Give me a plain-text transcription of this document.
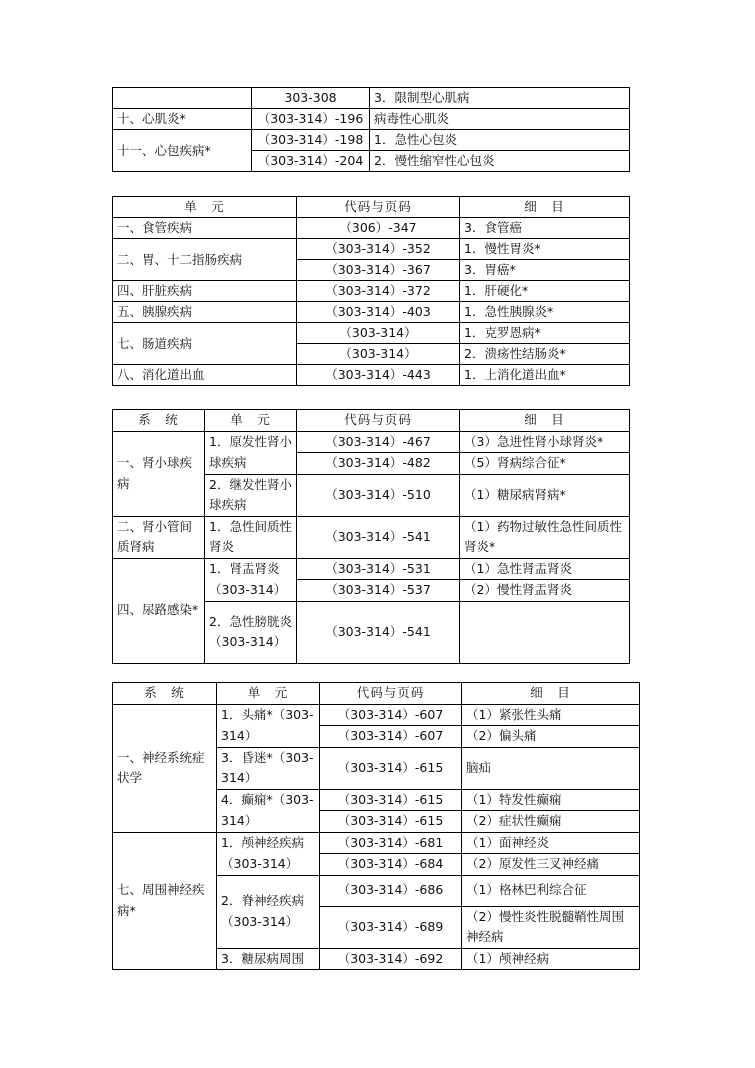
	303-308	3．限制型心肌病
十、心肌炎*	（303-314）-196	病毒性心肌炎
十一、心包疾病*	（303-314）-198	1．急性心包炎
	（303-314）-204	2．慢性缩窄性心包炎
单　元	代码与页码	细　目
一、食管疾病	（306）-347	3．食管癌
二、胃、十二指肠疾病	（303-314）-352	1．慢性胃炎*
	（303-314）-367	3．胃癌*
四、肝脏疾病	（303-314）-372	1．肝硬化*
五、胰腺疾病	（303-314）-403	1．急性胰腺炎*
七、肠道疾病	（303-314）	1．克罗恩病*
	（303-314）	2．溃疡性结肠炎*
八、消化道出血	（303-314）-443	1．上消化道出血*
系　统	单　元	代码与页码	细　目
一、肾小球疾病	1．原发性肾小球疾病	（303-314）-467	（3）急进性肾小球肾炎*
		（303-314）-482	（5）肾病综合征*
	2．继发性肾小球疾病	（303-314）-510	（1）糖尿病肾病*
二、肾小管间质肾病	1．急性间质性肾炎	（303-314）-541	（1）药物过敏性急性间质性肾炎*
四、尿路感染*	1．肾盂肾炎（303-314）	（303-314）-531	（1）急性肾盂肾炎
		（303-314）-537	（2）慢性肾盂肾炎
	2．急性膀胱炎（303-314）	（303-314）-541	
系　统	单　元	代码与页码	细　目
一、神经系统症状学	1．头痛*（303-314）	（303-314）-607	（1）紧张性头痛
		（303-314）-607	（2）偏头痛
	3．昏迷*（303-314）	（303-314）-615	脑疝
	4．癫痫*（303-314）	（303-314）-615	（1）特发性癫痫
		（303-314）-615	（2）症状性癫痫
七、周围神经疾病*	1．颅神经疾病（303-314）	（303-314）-681	（1）面神经炎
		（303-314）-684	（2）原发性三叉神经痛
	2．脊神经疾病（303-314）	（303-314）-686	（1）格林巴利综合征
		（303-314）-689	（2）慢性炎性脱髓鞘性周围神经病
	3．糖尿病周围	（303-314）-692	（1）颅神经病
